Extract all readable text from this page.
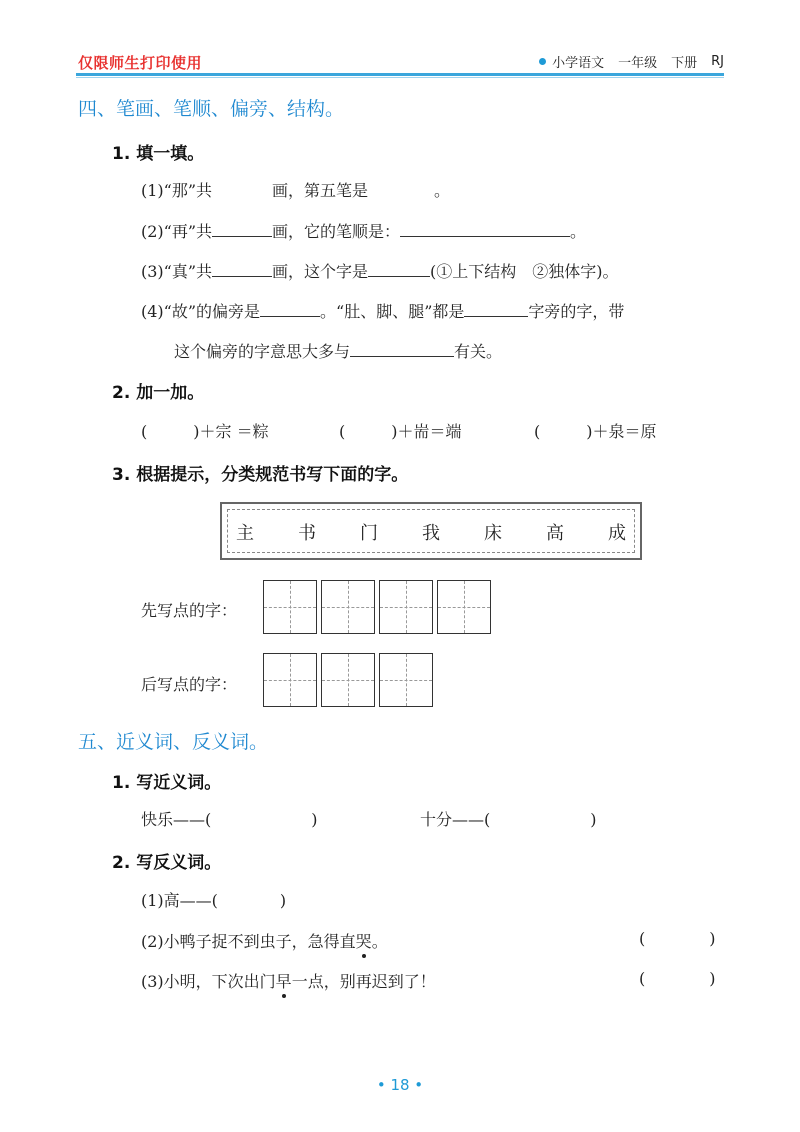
仅限师生打印使用	小学语文 一年级 下册 RJ
四、笔画、笔顺、偏旁、结构。
1. 填一填。
(1)“那”共	画，第五笔是	。
(2)“再”共	画，它的笔顺是：	。
(3)“真”共	画，这个字是	(①上下结构　②独体字)。
(4)“故”的偏旁是	。“肚、脚、腿”都是	字旁的字，带
这个偏旁的字意思大多与	有关。
2. 加一加。
(	)＋宗 ＝粽	(	)＋耑＝端	(	)＋泉＝原
3. 根据提示，分类规范书写下面的字。
主 书 门 我 床 高 成
先写点的字：
后写点的字：
五、近义词、反义词。
1. 写近义词。
快乐——(	)	十分——(	)
2. 写反义词。
(1)高——(	)
(2)小鸭子捉不到虫子，急得直哭。	(	)
(3)小明，下次出门早一点，别再迟到了！	(	)
• 18 •
